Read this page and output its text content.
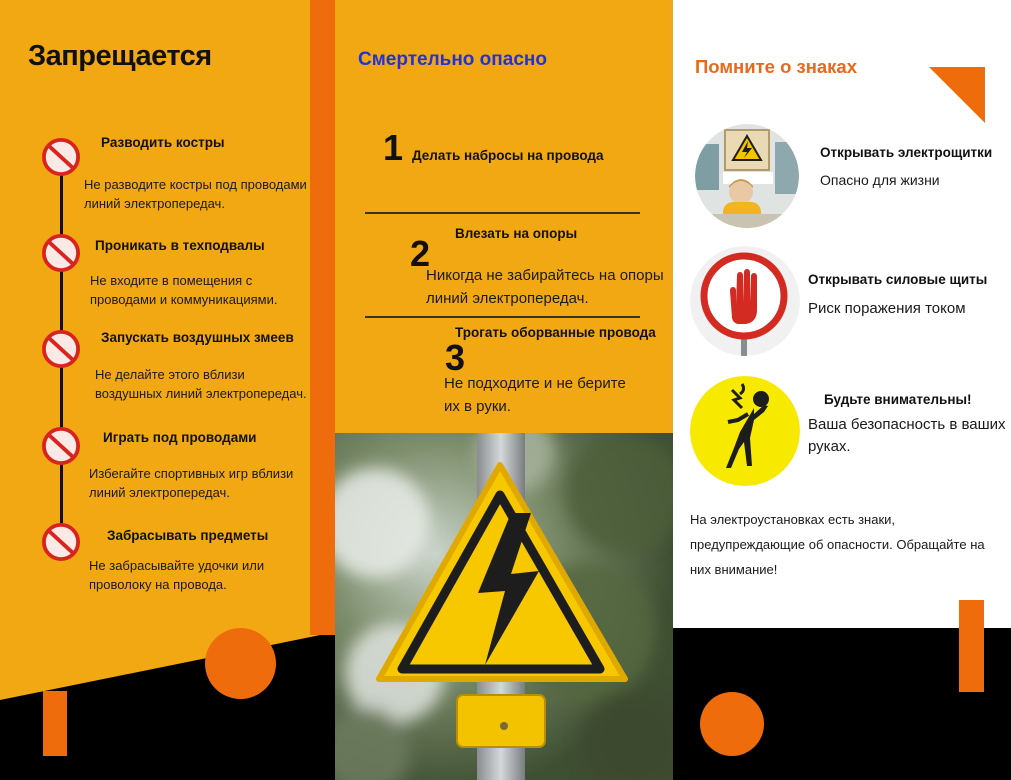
Запрещается
Разводить костры
Не разводите костры под проводами линий электропередач.
Проникать в техподвалы
Не входите в помещения с проводами и коммуникациями.
Запускать воздушных змеев
Не делайте этого вблизи воздушных линий электропередач.
Играть под проводами
Избегайте спортивных игр вблизи линий электропередач.
Забрасывать предметы
Не забрасывайте удочки или проволоку на провода.
Смертельно опасно
1 Делать набросы на провода
2 Влезать на опоры
Никогда не забирайтесь на опоры линий электропередач.
3
Трогать оборванные провода
Не подходите и не берите их в руки.
Помните о знаках
Открывать электрощитки
Опасно для жизни
Открывать силовые щиты
Риск поражения током
Будьте внимательны!
Ваша безопасность в ваших руках.

На электроустановках есть знаки, предупреждающие об опасности. Обращайте на них внимание!
